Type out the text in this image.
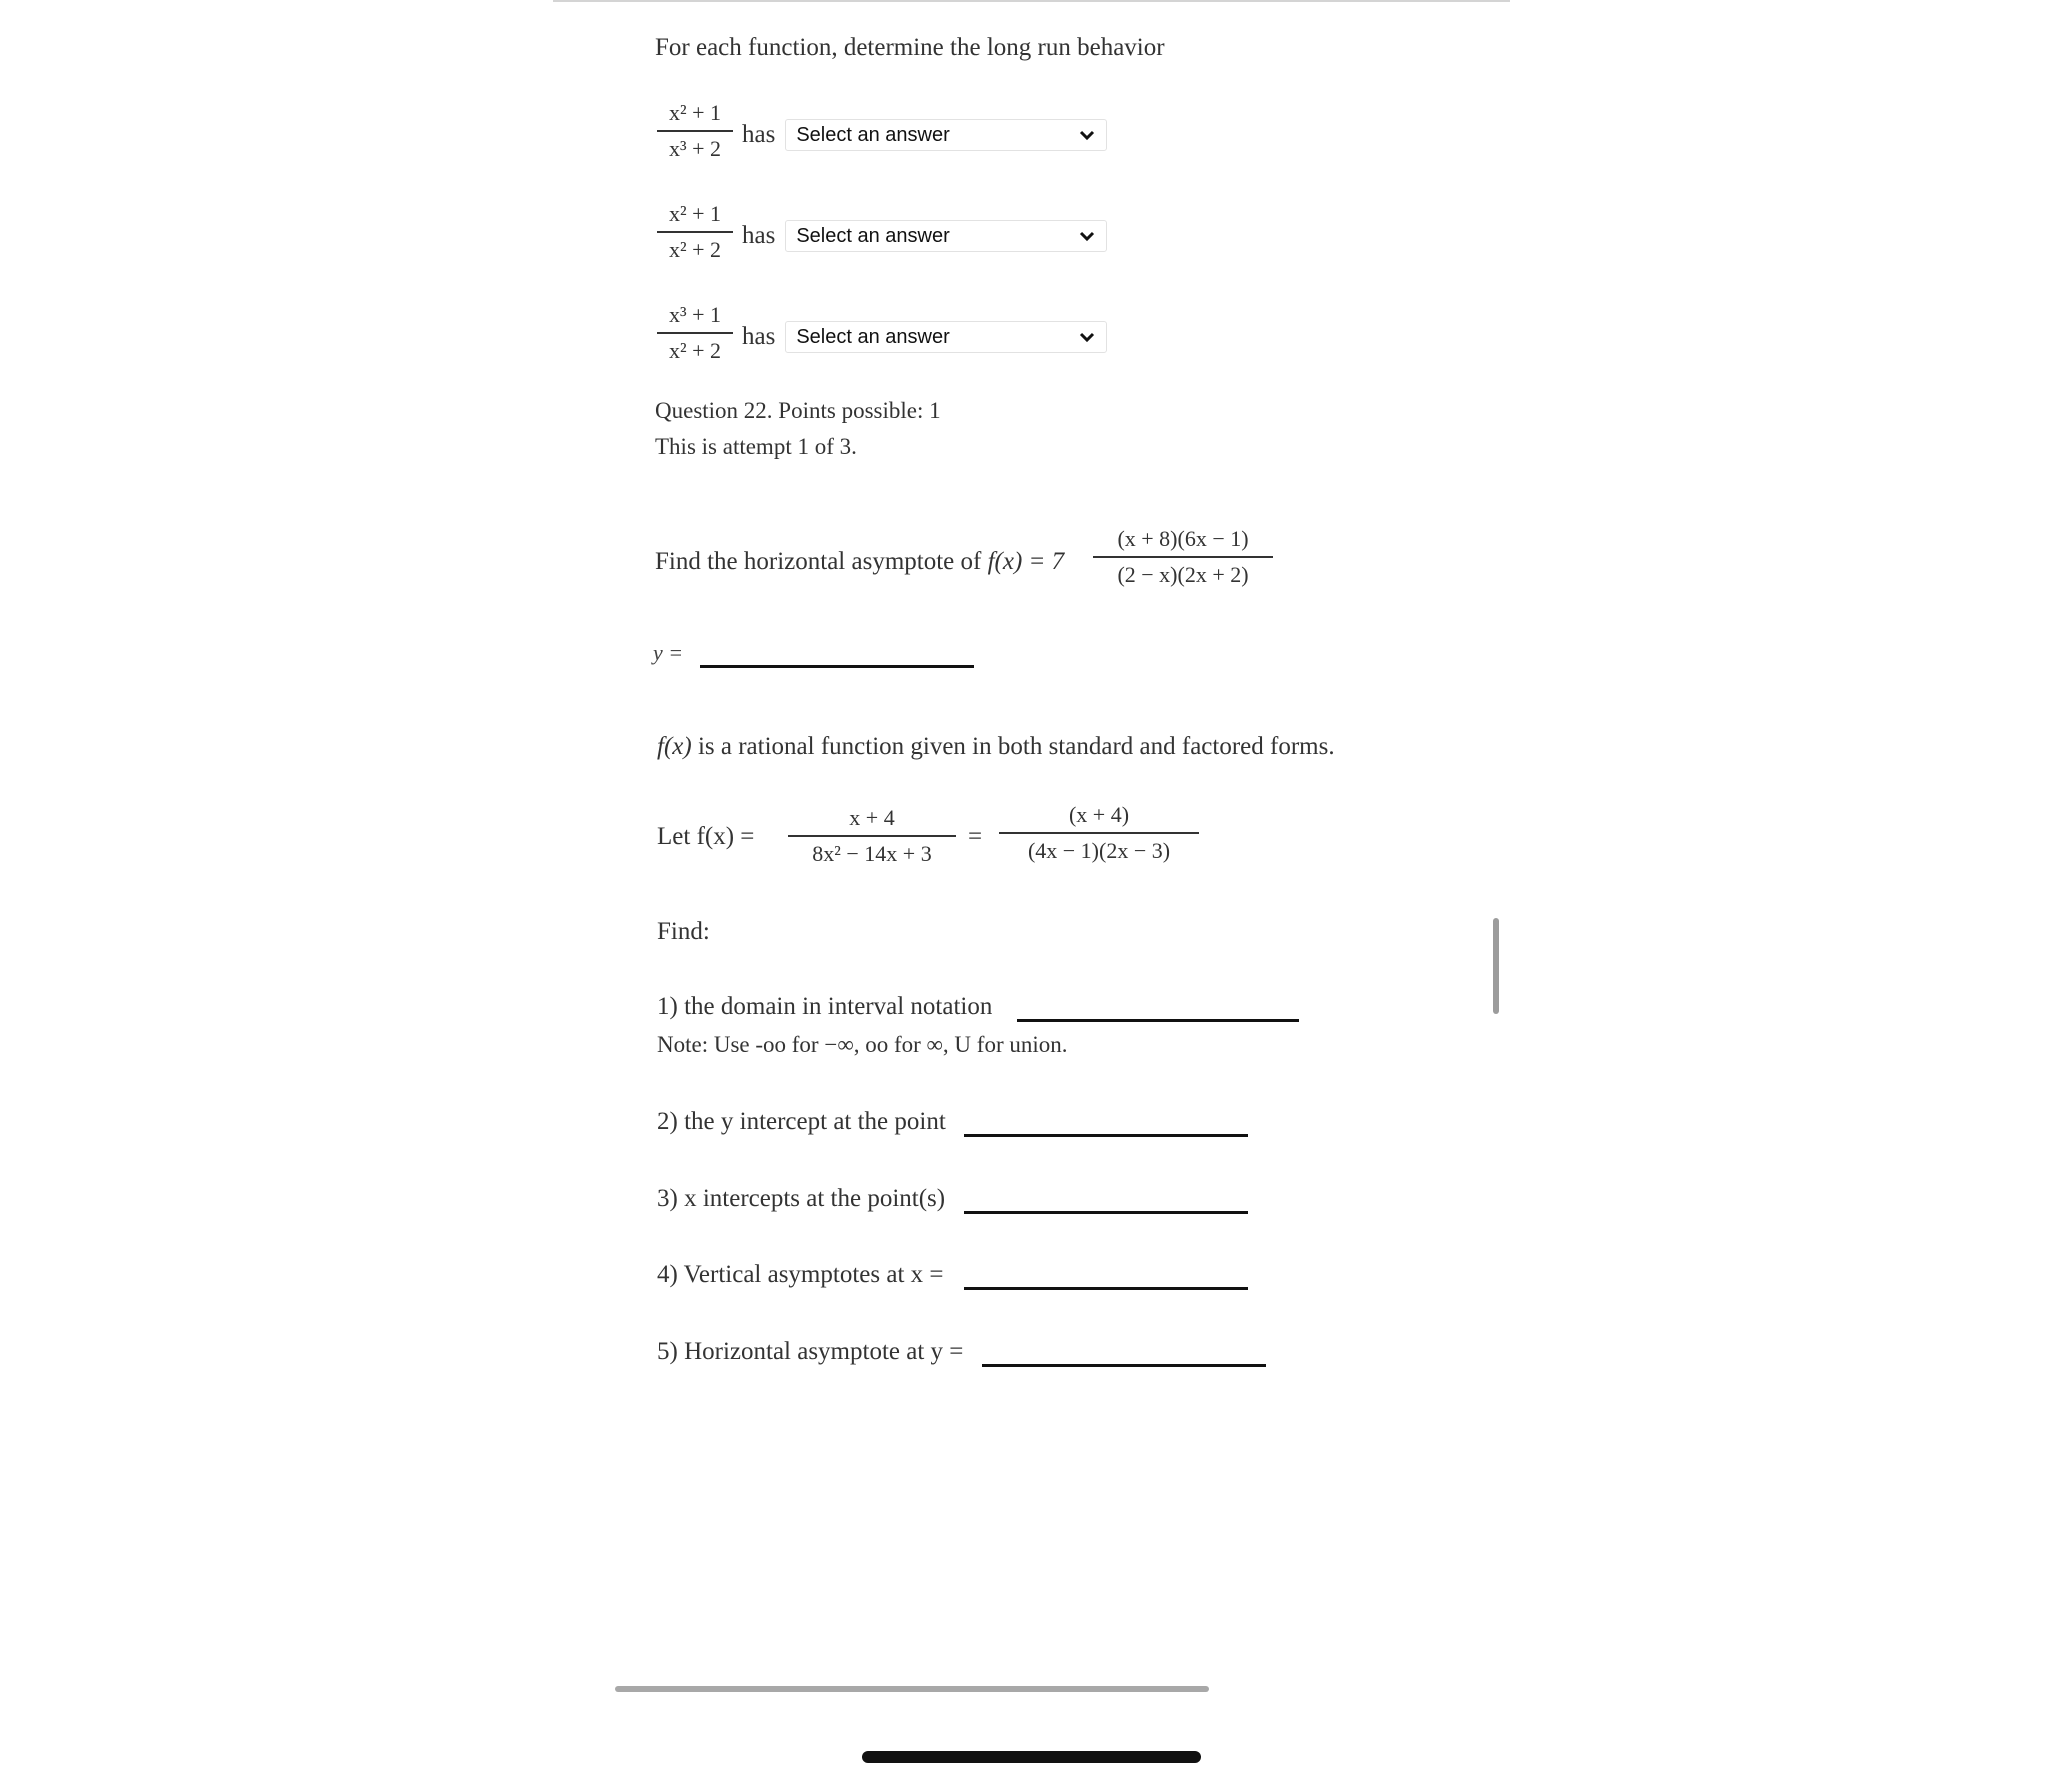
For each function, determine the long run behavior
x² + 1
x³ + 2
has Select an answer
x² + 1
x² + 2
has Select an answer
x³ + 1
x² + 2
has Select an answer
Question 22. Points possible: 1
This is attempt 1 of 3.
Find the horizontal asymptote of f(x) = 7
(x + 8)(6x − 1)
(2 − x)(2x + 2)
y =
f(x) is a rational function given in both standard and factored forms.
Let f(x) =
x + 4
8x² − 14x + 3
=
(x + 4)
(4x − 1)(2x − 3)
Find:
1) the domain in interval notation
Note: Use -oo for −∞, oo for ∞, U for union.
2) the y intercept at the point
3) x intercepts at the point(s)
4) Vertical asymptotes at x =
5) Horizontal asymptote at y =
